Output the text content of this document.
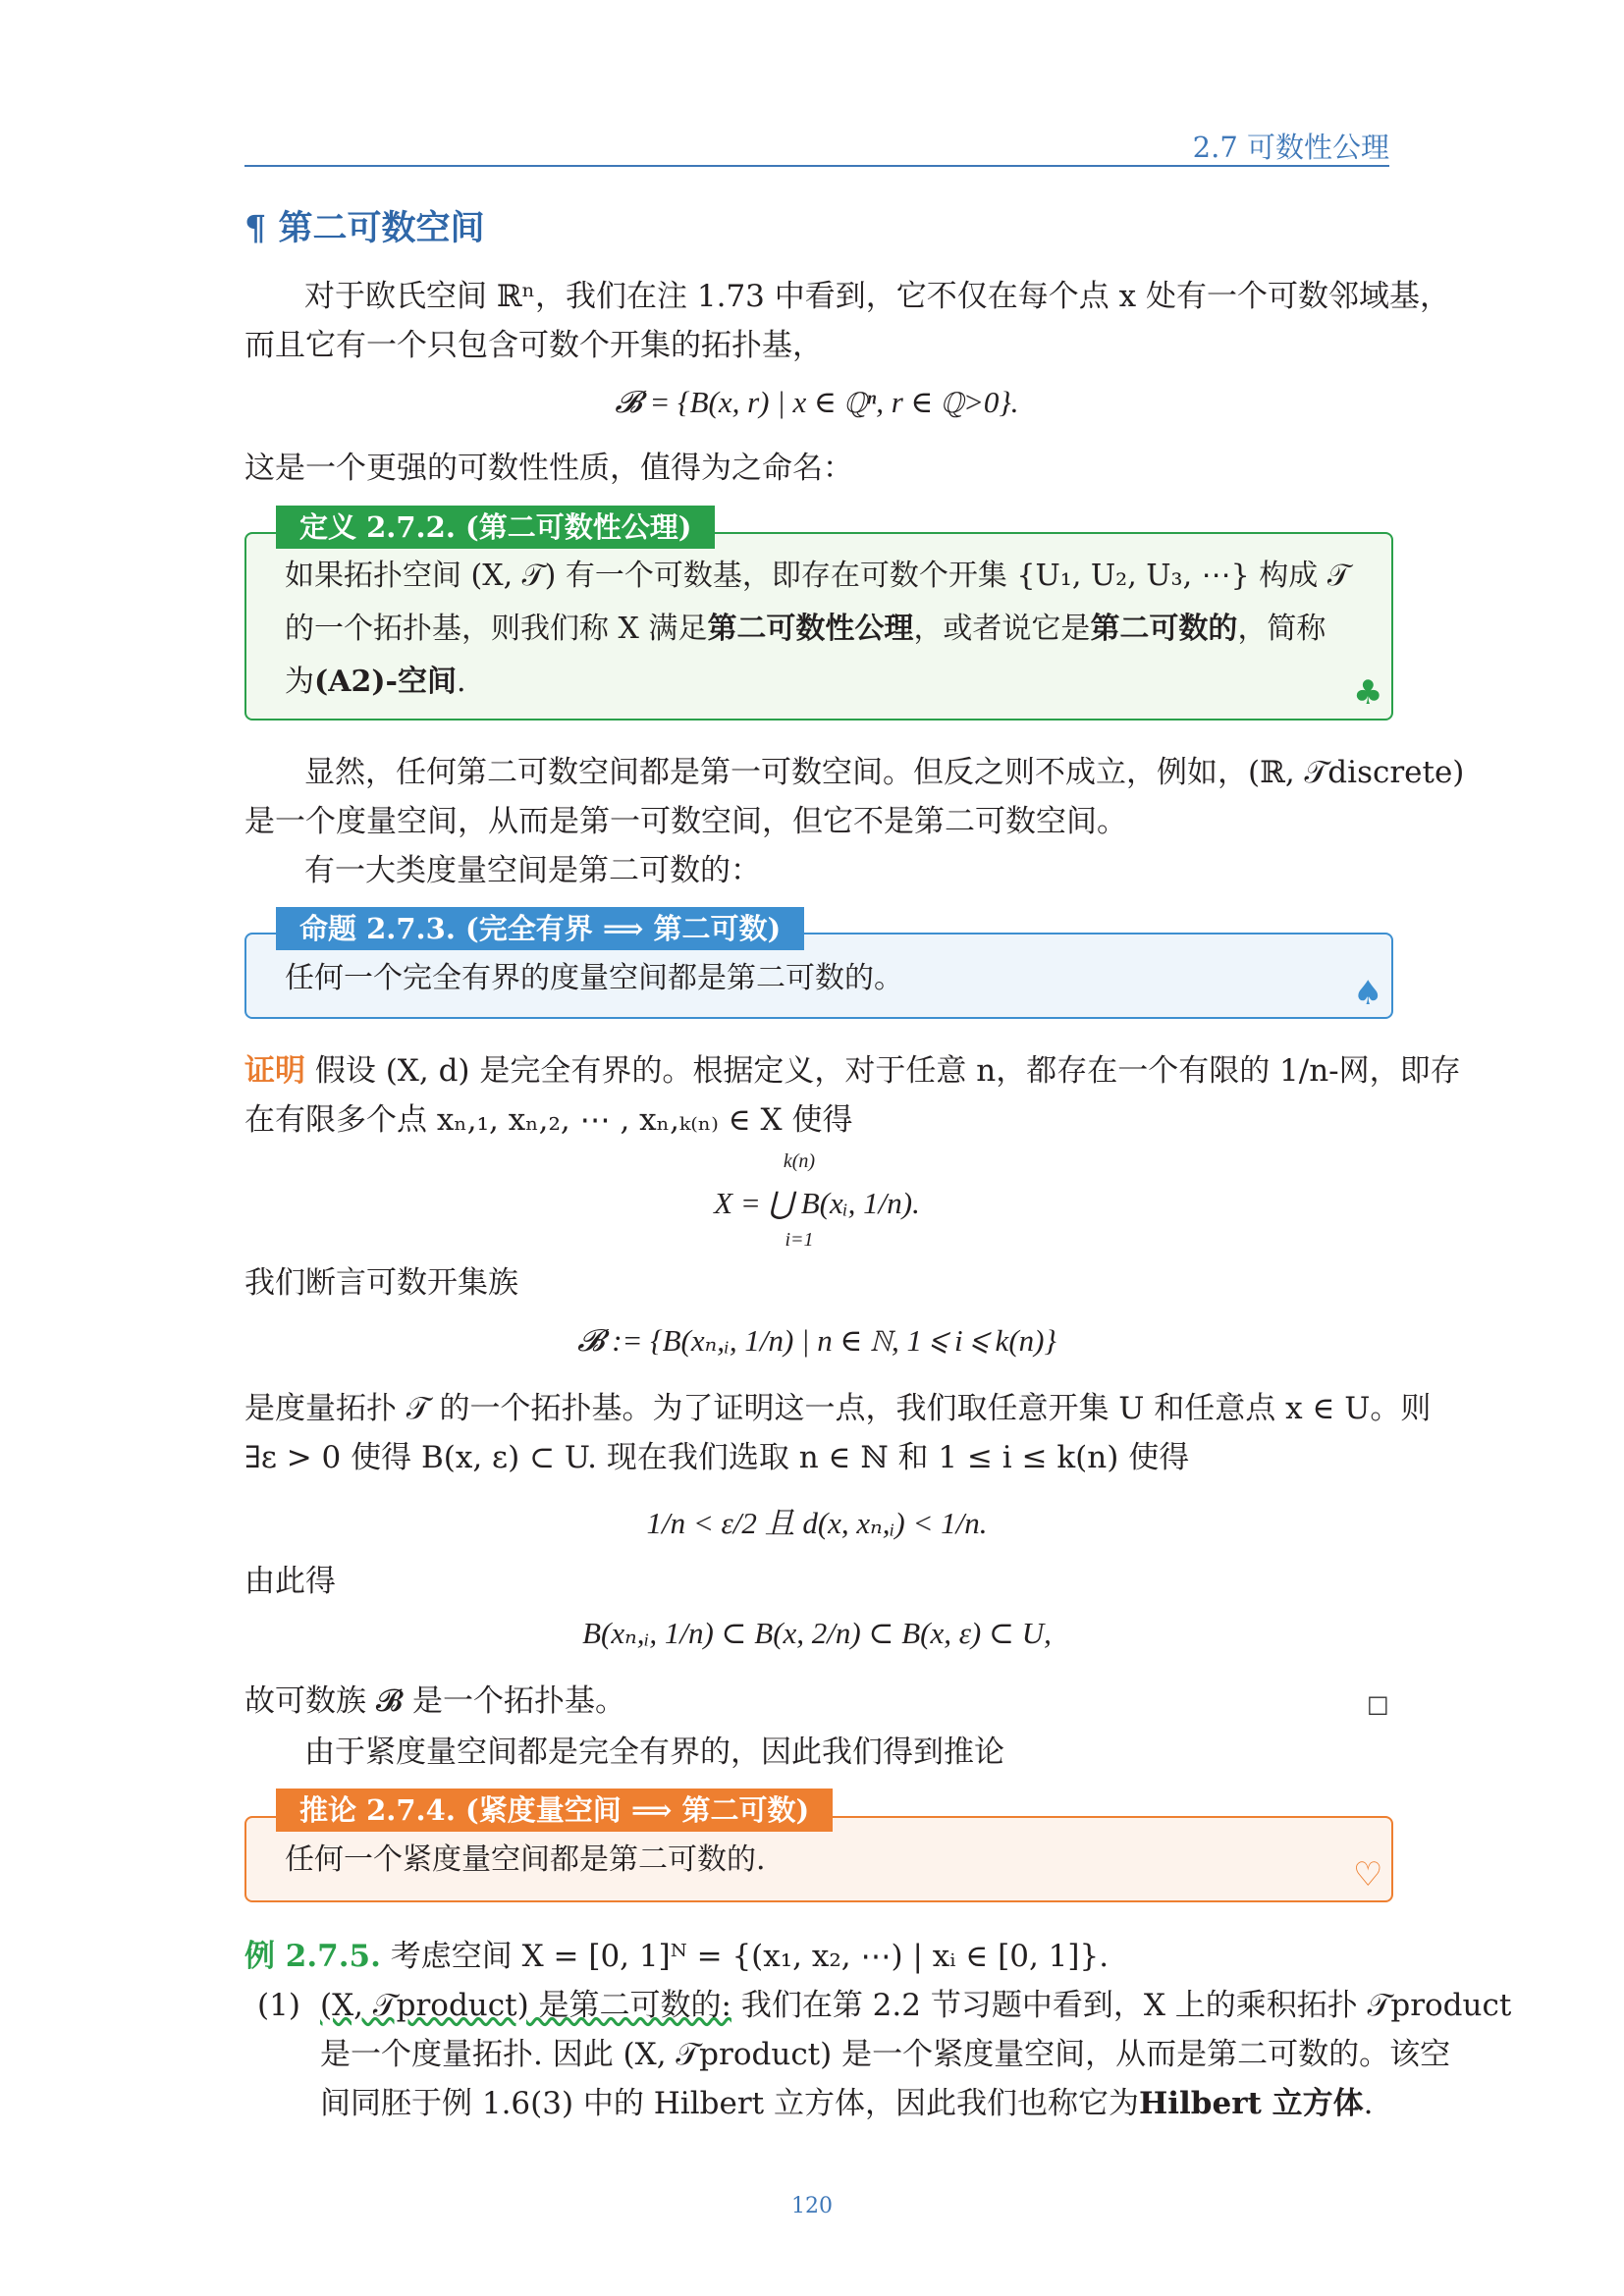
2.7 可数性公理
¶ 第二可数空间
对于欧氏空间 ℝⁿ，我们在注 1.73 中看到，它不仅在每个点 x 处有一个可数邻域基，
而且它有一个只包含可数个开集的拓扑基，
𝓑 = {B(x, r) | x ∈ ℚⁿ, r ∈ ℚ>0}.
这是一个更强的可数性性质，值得为之命名：
定义 2.7.2. (第二可数性公理)
如果拓扑空间 (X, 𝒯) 有一个可数基，即存在可数个开集 {U₁, U₂, U₃, ⋯} 构成 𝒯
的一个拓扑基，则我们称 X 满足第二可数性公理，或者说它是第二可数的，简称
为(A2)-空间.	♣
显然，任何第二可数空间都是第一可数空间。但反之则不成立，例如，(ℝ, 𝒯discrete)
是一个度量空间，从而是第一可数空间，但它不是第二可数空间。
有一大类度量空间是第二可数的：
命题 2.7.3. (完全有界 ⟹ 第二可数)
任何一个完全有界的度量空间都是第二可数的。	♠
证明 假设 (X, d) 是完全有界的。根据定义，对于任意 n，都存在一个有限的 1/n-网，即存
在有限多个点 xₙ,₁, xₙ,₂, ⋯ , xₙ,ₖ₍ₙ₎ ∈ X 使得
X = ⋃ B(xᵢ, 1/n).
k(n)
i=1
我们断言可数开集族
𝓑 := {B(xₙ,ᵢ, 1/n) | n ∈ ℕ, 1 ⩽ i ⩽ k(n)}
是度量拓扑 𝒯 的一个拓扑基。为了证明这一点，我们取任意开集 U 和任意点 x ∈ U。则
∃ε > 0 使得 B(x, ε) ⊂ U. 现在我们选取 n ∈ ℕ 和 1 ≤ i ≤ k(n) 使得
1/n < ε/2 且 d(x, xₙ,ᵢ) < 1/n.
由此得
B(xₙ,ᵢ, 1/n) ⊂ B(x, 2/n) ⊂ B(x, ε) ⊂ U,
故可数族 𝓑 是一个拓扑基。	□
由于紧度量空间都是完全有界的，因此我们得到推论
推论 2.7.4. (紧度量空间 ⟹ 第二可数)
任何一个紧度量空间都是第二可数的.	♡
例 2.7.5. 考虑空间 X = [0, 1]ᴺ = {(x₁, x₂, ⋯) | xᵢ ∈ [0, 1]}.
(1) (X, 𝒯product) 是第二可数的: 我们在第 2.2 节习题中看到，X 上的乘积拓扑 𝒯product
是一个度量拓扑. 因此 (X, 𝒯product) 是一个紧度量空间，从而是第二可数的。该空
间同胚于例 1.6(3) 中的 Hilbert 立方体，因此我们也称它为Hilbert 立方体.
120
